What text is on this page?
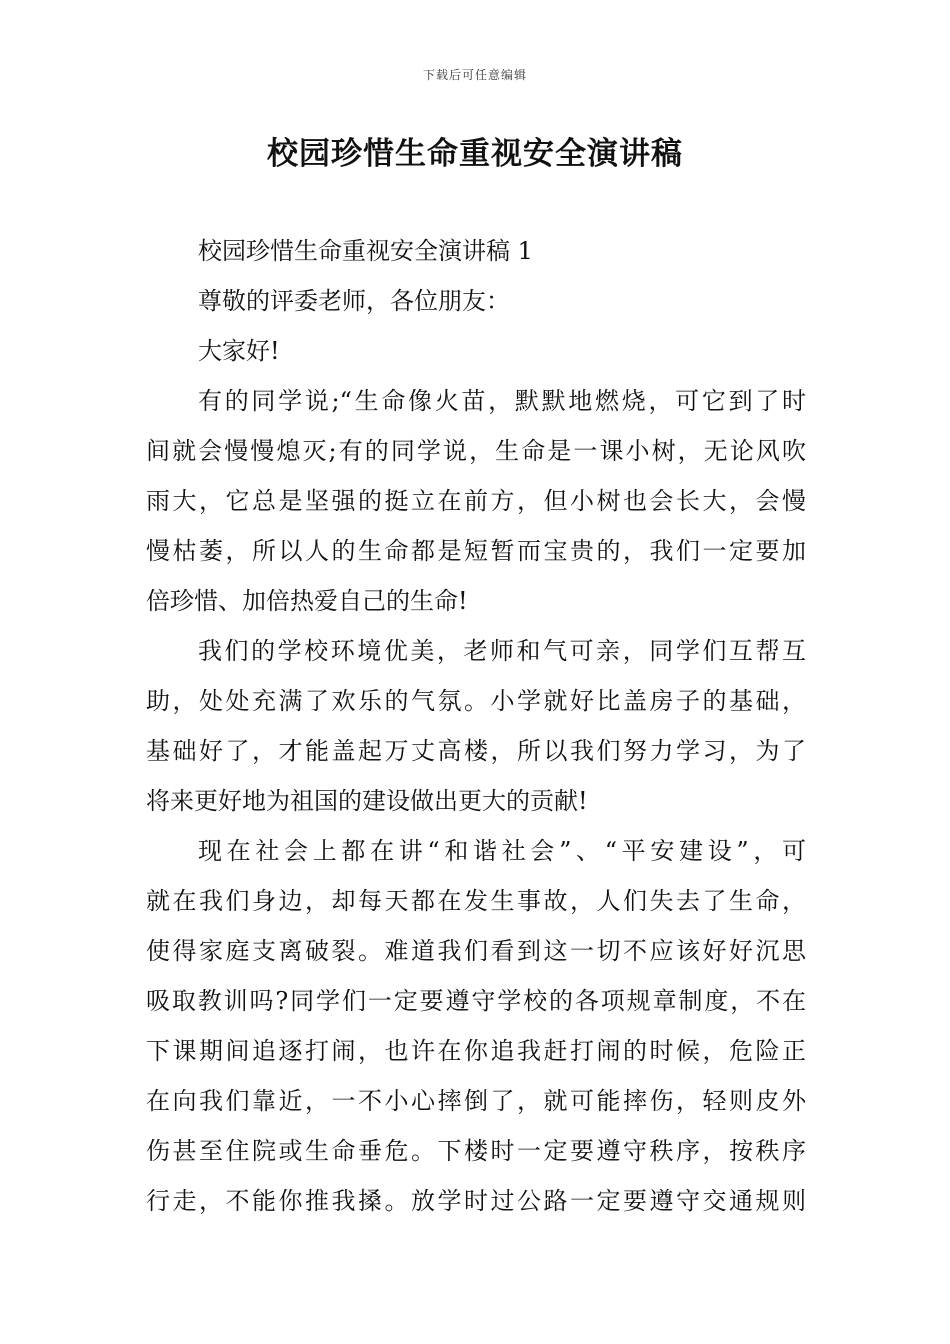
下载后可任意编辑
校园珍惜生命重视安全演讲稿
校园珍惜生命重视安全演讲稿 1
尊敬的评委老师，各位朋友：
大家好!
有的同学说;“生命像火苗，默默地燃烧，可它到了时
间就会慢慢熄灭;有的同学说，生命是一课小树，无论风吹
雨大，它总是坚强的挺立在前方，但小树也会长大，会慢
慢枯萎，所以人的生命都是短暂而宝贵的，我们一定要加
倍珍惜、加倍热爱自己的生命!
我们的学校环境优美，老师和气可亲，同学们互帮互
助，处处充满了欢乐的气氛。小学就好比盖房子的基础，
基础好了，才能盖起万丈高楼，所以我们努力学习，为了
将来更好地为祖国的建设做出更大的贡献!
现在社会上都在讲“和谐社会”、“平安建设”，可
就在我们身边，却每天都在发生事故，人们失去了生命，
使得家庭支离破裂。难道我们看到这一切不应该好好沉思
吸取教训吗?同学们一定要遵守学校的各项规章制度，不在
下课期间追逐打闹，也许在你追我赶打闹的时候，危险正
在向我们靠近，一不小心摔倒了，就可能摔伤，轻则皮外
伤甚至住院或生命垂危。下楼时一定要遵守秩序，按秩序
行走，不能你推我搡。放学时过公路一定要遵守交通规则
